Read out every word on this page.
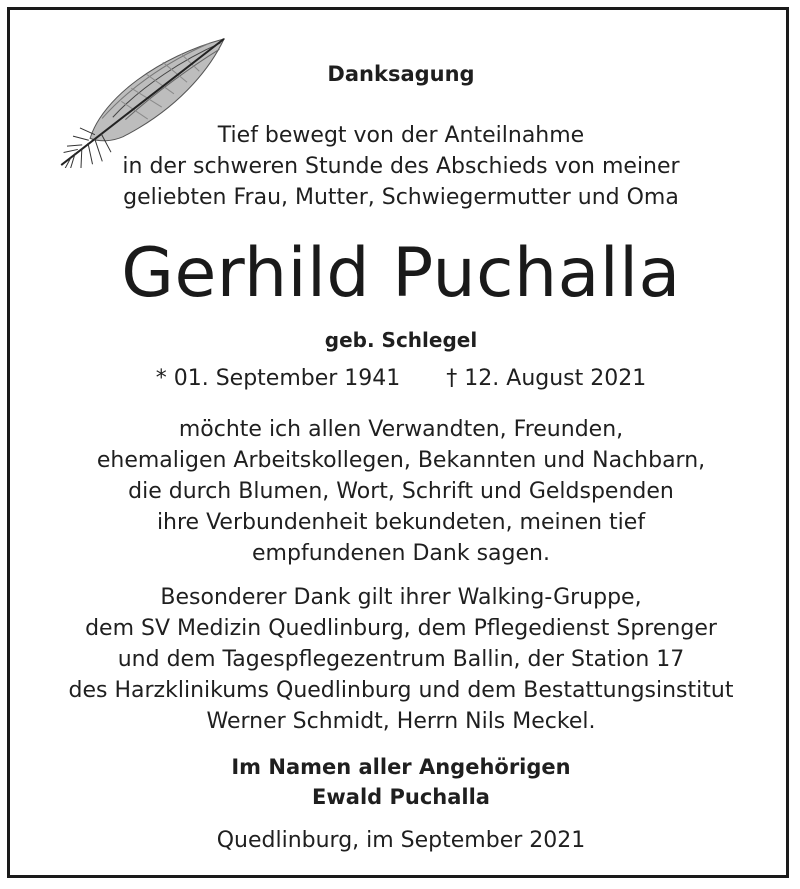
Danksagung
Tief bewegt von der Anteilnahme
in der schweren Stunde des Abschieds von meiner
geliebten Frau, Mutter, Schwiegermutter und Oma
Gerhild Puchalla
geb. Schlegel
* 01. September 1941 † 12. August 2021
möchte ich allen Verwandten, Freunden,
ehemaligen Arbeitskollegen, Bekannten und Nachbarn,
die durch Blumen, Wort, Schrift und Geldspenden
ihre Verbundenheit bekundeten, meinen tief
empfundenen Dank sagen.
Besonderer Dank gilt ihrer Walking-Gruppe,
dem SV Medizin Quedlinburg, dem Pflegedienst Sprenger
und dem Tagespflegezentrum Ballin, der Station 17
des Harzklinikums Quedlinburg und dem Bestattungsinstitut
Werner Schmidt, Herrn Nils Meckel.
Im Namen aller Angehörigen
Ewald Puchalla
Quedlinburg, im September 2021
